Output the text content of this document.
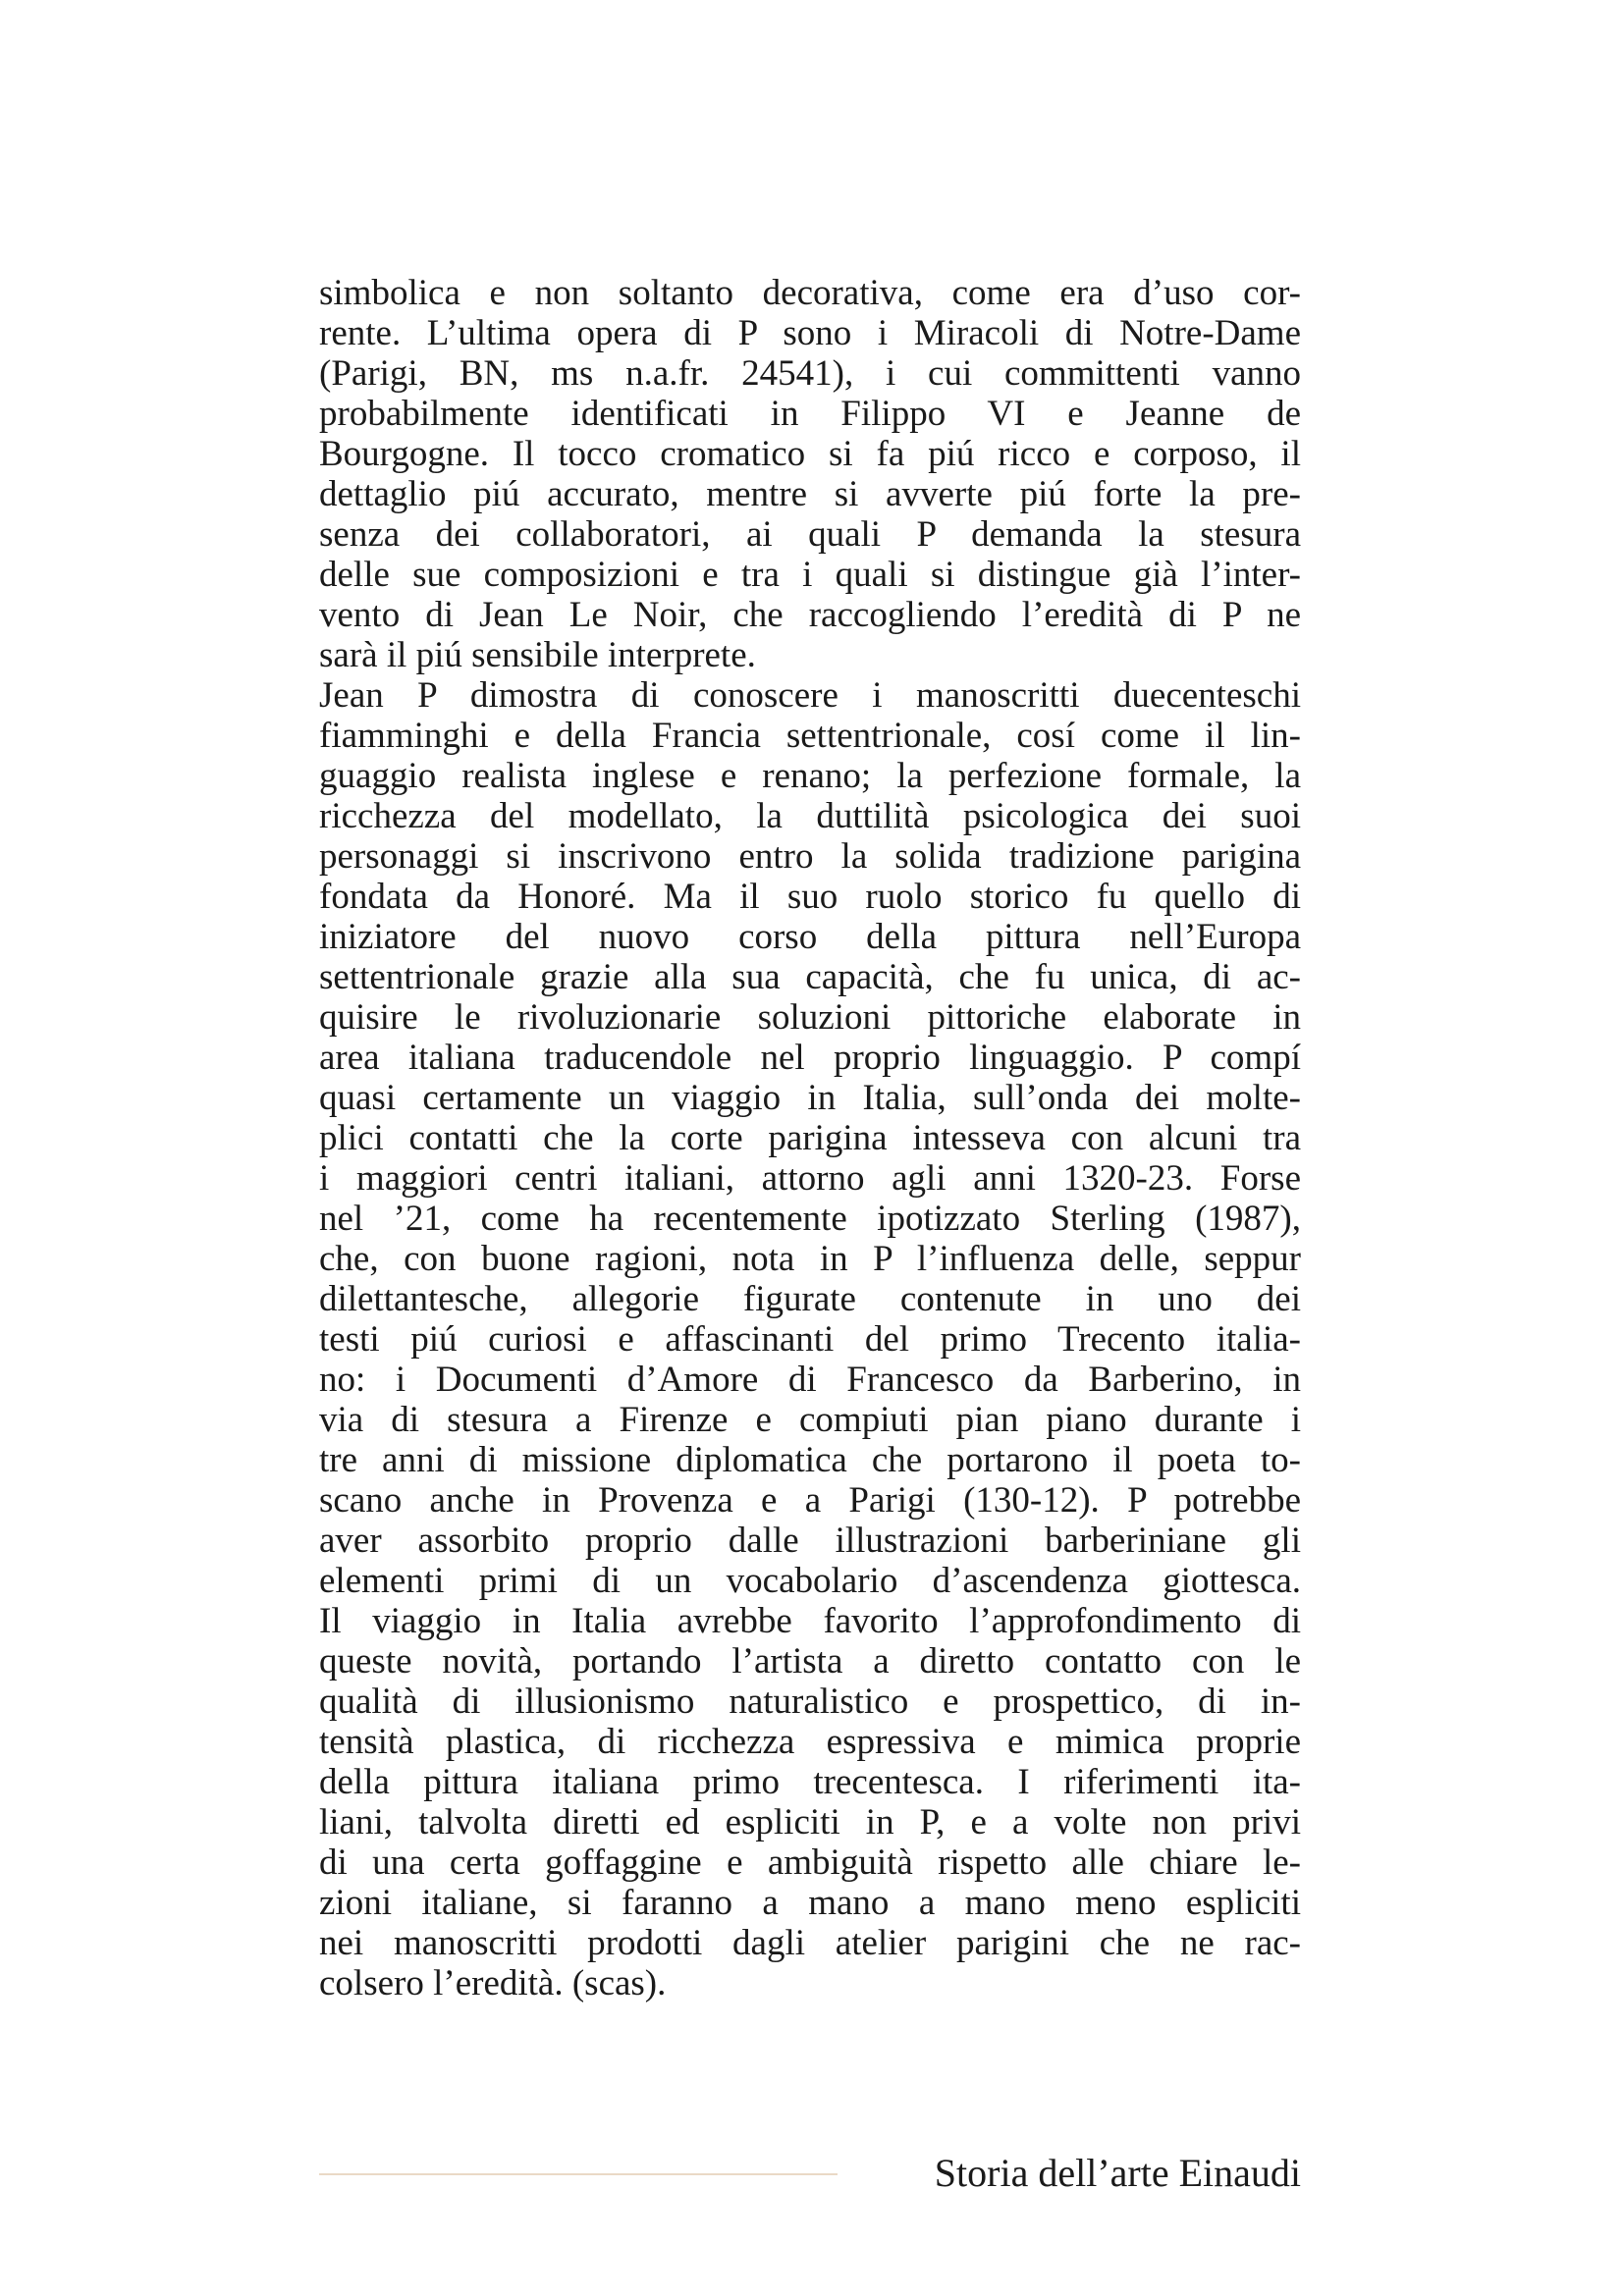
simbolica e non soltanto decorativa, come era d’uso cor-
rente. L’ultima opera di P sono i Miracoli di Notre-Dame
(Parigi, BN, ms n.a.fr. 24541), i cui committenti vanno
probabilmente identificati in Filippo VI e Jeanne de
Bourgogne. Il tocco cromatico si fa piú ricco e corposo, il
dettaglio piú accurato, mentre si avverte piú forte la pre-
senza dei collaboratori, ai quali P demanda la stesura
delle sue composizioni e tra i quali si distingue già l’inter-
vento di Jean Le Noir, che raccogliendo l’eredità di P ne
sarà il piú sensibile interprete.
Jean P dimostra di conoscere i manoscritti duecenteschi
fiamminghi e della Francia settentrionale, cosí come il lin-
guaggio realista inglese e renano; la perfezione formale, la
ricchezza del modellato, la duttilità psicologica dei suoi
personaggi si inscrivono entro la solida tradizione parigina
fondata da Honoré. Ma il suo ruolo storico fu quello di
iniziatore del nuovo corso della pittura nell’Europa
settentrionale grazie alla sua capacità, che fu unica, di ac-
quisire le rivoluzionarie soluzioni pittoriche elaborate in
area italiana traducendole nel proprio linguaggio. P compí
quasi certamente un viaggio in Italia, sull’onda dei molte-
plici contatti che la corte parigina intesseva con alcuni tra
i maggiori centri italiani, attorno agli anni 1320-23. Forse
nel ’21, come ha recentemente ipotizzato Sterling (1987),
che, con buone ragioni, nota in P l’influenza delle, seppur
dilettantesche, allegorie figurate contenute in uno dei
testi piú curiosi e affascinanti del primo Trecento italia-
no: i Documenti d’Amore di Francesco da Barberino, in
via di stesura a Firenze e compiuti pian piano durante i
tre anni di missione diplomatica che portarono il poeta to-
scano anche in Provenza e a Parigi (130-12). P potrebbe
aver assorbito proprio dalle illustrazioni barberiniane gli
elementi primi di un vocabolario d’ascendenza giottesca.
Il viaggio in Italia avrebbe favorito l’approfondimento di
queste novità, portando l’artista a diretto contatto con le
qualità di illusionismo naturalistico e prospettico, di in-
tensità plastica, di ricchezza espressiva e mimica proprie
della pittura italiana primo trecentesca. I riferimenti ita-
liani, talvolta diretti ed espliciti in P, e a volte non privi
di una certa goffaggine e ambiguità rispetto alle chiare le-
zioni italiane, si faranno a mano a mano meno espliciti
nei manoscritti prodotti dagli atelier parigini che ne rac-
colsero l’eredità. (scas).
Storia dell’arte Einaudi
